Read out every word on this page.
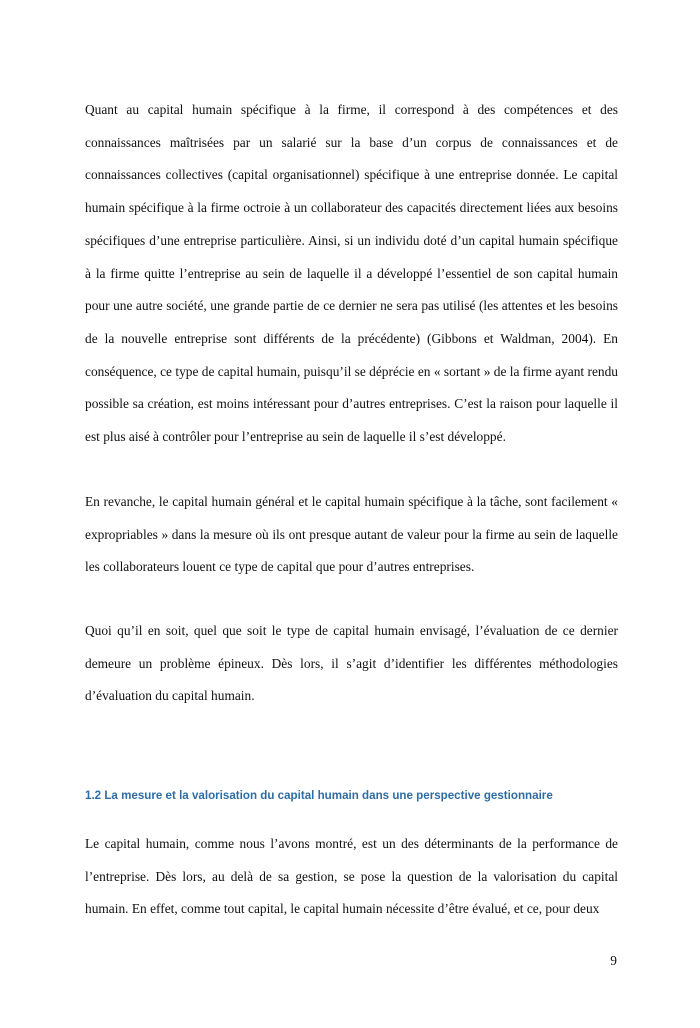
Quant au capital humain spécifique à la firme, il correspond à des compétences et des connaissances maîtrisées par un salarié sur la base d’un corpus de connaissances et de connaissances collectives (capital organisationnel) spécifique à une entreprise donnée. Le capital humain spécifique à la firme octroie à un collaborateur des capacités directement liées aux besoins spécifiques d’une entreprise particulière. Ainsi, si un individu doté d’un capital humain spécifique à la firme quitte l’entreprise au sein de laquelle il a développé l’essentiel de son capital humain pour une autre société, une grande partie de ce dernier ne sera pas utilisé (les attentes et les besoins de la nouvelle entreprise sont différents de la précédente) (Gibbons et Waldman, 2004). En conséquence, ce type de capital humain, puisqu’il se déprécie en « sortant » de la firme ayant rendu possible sa création, est moins intéressant pour d’autres entreprises. C’est la raison pour laquelle il est plus aisé à contrôler pour l’entreprise au sein de laquelle il s’est développé.

En revanche, le capital humain général et le capital humain spécifique à la tâche, sont facilement « expropriables » dans la mesure où ils ont presque autant de valeur pour la firme au sein de laquelle les collaborateurs louent ce type de capital que pour d’autres entreprises.

Quoi qu’il en soit, quel que soit le type de capital humain envisagé, l’évaluation de ce dernier demeure un problème épineux. Dès lors, il s’agit d’identifier les différentes méthodologies d’évaluation du capital humain.

1.2 La mesure et la valorisation du capital humain dans une perspective gestionnaire

Le capital humain, comme nous l’avons montré, est un des déterminants de la performance de l’entreprise. Dès lors, au delà de sa gestion, se pose la question de la valorisation du capital humain. En effet, comme tout capital, le capital humain nécessite d’être évalué, et ce, pour deux

9
